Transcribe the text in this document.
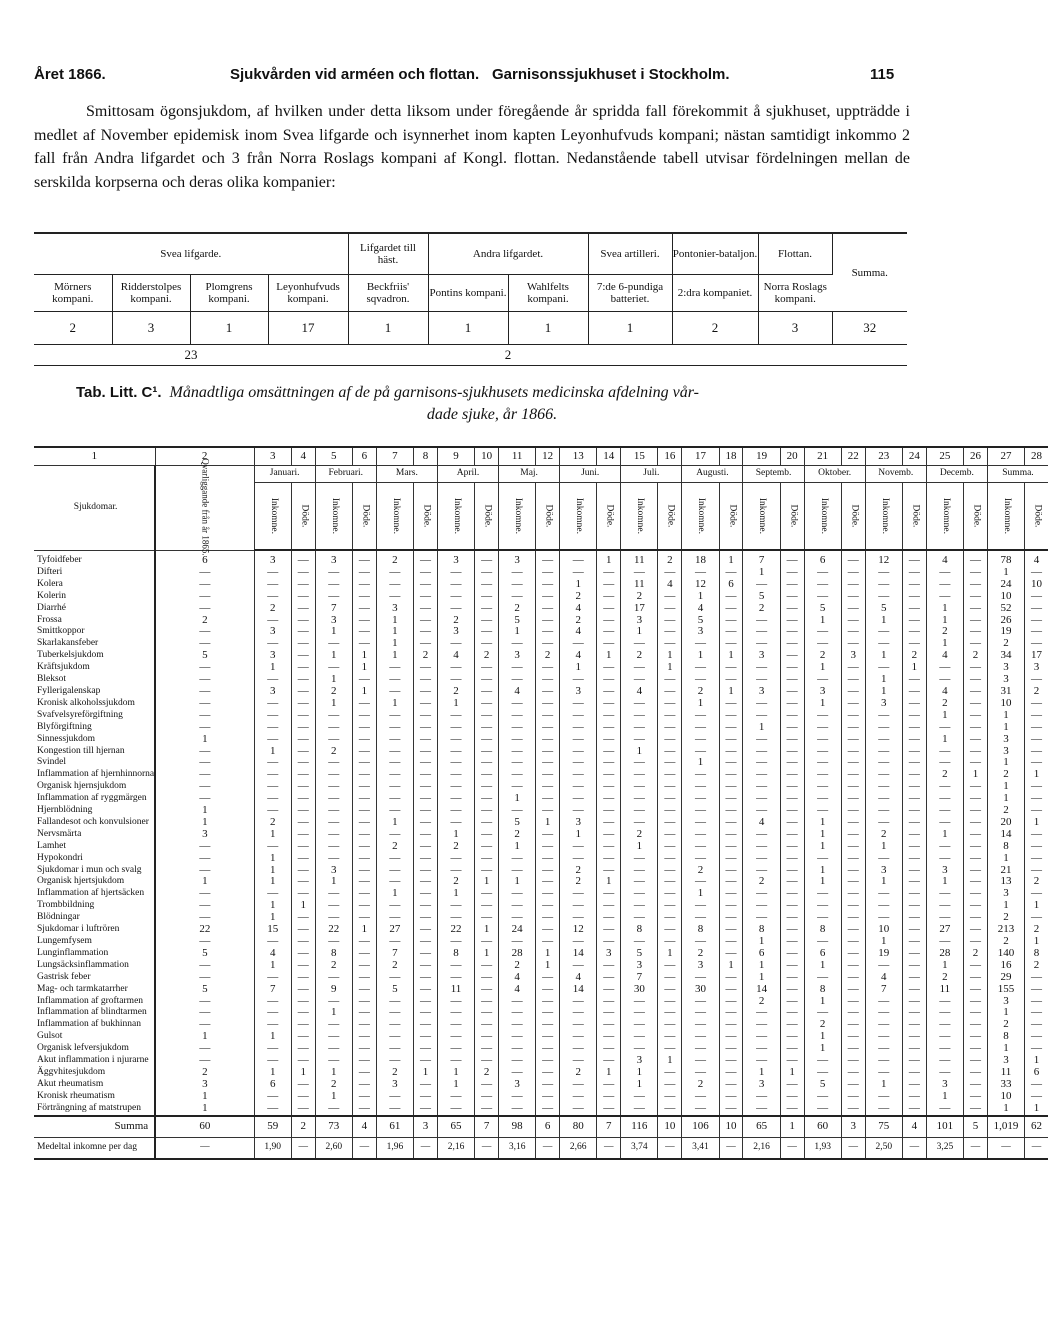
Året 1866.	Sjukvården vid arméen och flottan. Garnisonssjukhuset i Stockholm.	115

Smittosam ögonsjukdom, af hvilken under detta liksom under föregående år spridda fall förekommit å sjukhuset, uppträdde i medlet af November epidemisk inom Svea lifgarde och isynnerhet inom kapten Leyonhufvuds kompani; nästan samtidigt inkommo 2 fall från Andra lifgardet och 3 från Norra Roslags kompani af Kongl. flottan. Nedanstående tabell utvisar fördelningen mellan de serskilda korpserna och deras olika kompanier:

Svea lifgarde.				Lifgardet till häst.	Andra lifgardet.		Svea artilleri.	Pontonier-bataljon.	Flottan.	Summa.
Mörners kompani.	Ridderstolpes kompani.	Plomgrens kompani.	Leyonhufvuds kompani.	Beckfriis' sqvadron.	Pontins kompani.	Wahlfelts kompani.	7:de 6-pundiga batteriet.	2:dra kompaniet.	Norra Roslags kompani.	
2	3	1	17	1	1	1	1	2	3	32
23					2					
Tab. Litt. C¹. Månadtliga omsättningen af de på garnisons-sjukhusets medicinska afdelning vår-
dade sjuke, år 1866.
1	2	3	4	5	6	7	8	9	10	11	12	13	14	15	16	17	18	19	20	21	22	23	24	25	26	27	28
Sjukdomar.	Qvarliggande från år 1865.	Januari.		Februari.		Mars.		April.		Maj.		Juni.		Juli.		Augusti.		Septemb.		Oktober.		Novemb.		Decemb.		Summa.	
		Inkomne.	Döde.	Inkomne.	Döde.	Inkomne.	Döde.	Inkomne.	Döde.	Inkomne.	Döde.	Inkomne.	Döde.	Inkomne.	Döde.	Inkomne.	Döde.	Inkomne.	Döde.	Inkomne.	Döde.	Inkomne.	Döde.	Inkomne.	Döde.	Inkomne.	Döde.
Tyfoidfeber	6	3	—	3	—	2	—	3	—	3	—	—	1	11	2	18	1	7	—	6	—	12	—	4	—	78	4
Difteri	—	—	—	—	—	—	—	—	—	—	—	—	—	—	—	—	—	1	—	—	—	—	—	—	—	1	—
Kolera	—	—	—	—	—	—	—	—	—	—	—	1	—	11	4	12	6	—	—	—	—	—	—	—	—	24	10
Kolerin	—	—	—	—	—	—	—	—	—	—	—	2	—	2	—	1	—	5	—	—	—	—	—	—	—	10	—
Diarrhé	—	2	—	7	—	3	—	—	—	2	—	4	—	17	—	4	—	2	—	5	—	5	—	1	—	52	—
Frossa	2	—	—	3	—	1	—	2	—	5	—	2	—	3	—	5	—	—	—	1	—	1	—	1	—	26	—
Smittkoppor	—	3	—	1	—	1	—	3	—	1	—	4	—	1	—	3	—	—	—	—	—	—	—	2	—	19	—
Skarlakansfeber	—	—	—	—	—	1	—	—	—	—	—	—	—	—	—	—	—	—	—	—	—	—	—	1	—	2	—
Tuberkelsjukdom	5	3	—	1	1	1	2	4	2	3	2	4	1	2	1	1	1	3	—	2	3	1	2	4	2	34	17
Kräftsjukdom	—	1	—	—	1	—	—	—	—	—	—	1	—	—	1	—	—	—	—	1	—	—	1	—	—	3	3
Bleksot	—	—	—	1	—	—	—	—	—	—	—	—	—	—	—	—	—	—	—	—	—	1	—	—	—	3	—
Fyllerigalenskap	—	3	—	2	1	—	—	2	—	4	—	3	—	4	—	2	1	3	—	3	—	1	—	4	—	31	2
Kronisk alkoholssjukdom	—	—	—	1	—	1	—	1	—	—	—	—	—	—	—	1	—	—	—	1	—	3	—	2	—	10	—
Svafvelsyreförgiftning	—	—	—	—	—	—	—	—	—	—	—	—	—	—	—	—	—	—	—	—	—	—	—	1	—	1	—
Blyförgiftning	—	—	—	—	—	—	—	—	—	—	—	—	—	—	—	—	—	1	—	—	—	—	—	—	—	1	—
Sinnessjukdom	1	—	—	—	—	—	—	—	—	—	—	—	—	—	—	—	—	—	—	—	—	—	—	1	—	3	—
Kongestion till hjernan	—	1	—	2	—	—	—	—	—	—	—	—	—	1	—	—	—	—	—	—	—	—	—	—	—	3	—
Svindel	—	—	—	—	—	—	—	—	—	—	—	—	—	—	—	1	—	—	—	—	—	—	—	—	—	1	—
Inflammation af hjernhinnorna	—	—	—	—	—	—	—	—	—	—	—	—	—	—	—	—	—	—	—	—	—	—	—	2	1	2	1
Organisk hjernsjukdom	—	—	—	—	—	—	—	—	—	—	—	—	—	—	—	—	—	—	—	—	—	—	—	—	—	1	—
Inflammation af ryggmärgen	—	—	—	—	—	—	—	—	—	1	—	—	—	—	—	—	—	—	—	—	—	—	—	—	—	1	—
Hjernblödning	1	—	—	—	—	—	—	—	—	—	—	—	—	—	—	—	—	—	—	—	—	—	—	—	—	2	—
Fallandesot och konvulsioner	1	2	—	—	—	1	—	—	—	5	1	3	—	—	—	—	—	4	—	1	—	—	—	—	—	20	1
Nervsmärta	3	1	—	—	—	—	—	1	—	2	—	1	—	2	—	—	—	—	—	1	—	2	—	1	—	14	—
Lamhet	—	—	—	—	—	2	—	2	—	1	—	—	—	1	—	—	—	—	—	1	—	1	—	—	—	8	—
Hypokondri	—	1	—	—	—	—	—	—	—	—	—	—	—	—	—	—	—	—	—	—	—	—	—	—	—	1	—
Sjukdomar i mun och svalg	—	1	—	3	—	—	—	—	—	—	—	2	—	—	—	2	—	—	—	1	—	3	—	3	—	21	—
Organisk hjertsjukdom	1	1	—	1	—	—	—	2	1	1	—	2	1	—	—	—	—	2	—	1	—	1	—	1	—	13	2
Inflammation af hjertsäcken	—	—	—	—	—	1	—	1	—	—	—	—	—	—	—	1	—	—	—	—	—	—	—	—	—	3	—
Trombbildning	—	1	1	—	—	—	—	—	—	—	—	—	—	—	—	—	—	—	—	—	—	—	—	—	—	1	1
Blödningar	—	1	—	—	—	—	—	—	—	—	—	—	—	—	—	—	—	—	—	—	—	—	—	—	—	2	—
Sjukdomar i luftrören	22	15	—	22	1	27	—	22	1	24	—	12	—	8	—	8	—	8	—	8	—	10	—	27	—	213	2
Lungemfysem	—	—	—	—	—	—	—	—	—	—	—	—	—	—	—	—	—	1	—	—	—	1	—	—	—	2	1
Lunginflammation	5	4	—	8	—	7	—	8	1	28	1	14	3	5	1	2	—	6	—	6	—	19	—	28	2	140	8
Lungsäcksinflammation	—	1	—	2	—	2	—	—	—	2	1	—	—	3	—	3	1	1	—	1	—	—	—	1	—	16	2
Gastrisk feber	—	—	—	—	—	—	—	—	—	4	—	4	—	7	—	—	—	1	—	—	—	4	—	2	—	29	—
Mag- och tarmkatarrher	5	7	—	9	—	5	—	11	—	4	—	14	—	30	—	30	—	14	—	8	—	7	—	11	—	155	—
Inflammation af groftarmen	—	—	—	—	—	—	—	—	—	—	—	—	—	—	—	—	—	2	—	1	—	—	—	—	—	3	—
Inflammation af blindtarmen	—	—	—	1	—	—	—	—	—	—	—	—	—	—	—	—	—	—	—	—	—	—	—	—	—	1	—
Inflammation af bukhinnan	—	—	—	—	—	—	—	—	—	—	—	—	—	—	—	—	—	—	—	2	—	—	—	—	—	2	—
Gulsot	1	1	—	—	—	—	—	—	—	—	—	—	—	—	—	—	—	—	—	1	—	—	—	—	—	8	—
Organisk lefversjukdom	—	—	—	—	—	—	—	—	—	—	—	—	—	—	—	—	—	—	—	1	—	—	—	—	—	1	—
Akut inflammation i njurarne	—	—	—	—	—	—	—	—	—	—	—	—	—	3	1	—	—	—	—	—	—	—	—	—	—	3	1
Äggvhitesjukdom	2	1	1	1	—	2	1	1	2	—	—	2	1	1	—	—	—	1	1	—	—	—	—	—	—	11	6
Akut rheumatism	3	6	—	2	—	3	—	1	—	3	—	—	—	1	—	2	—	3	—	5	—	1	—	3	—	33	—
Kronisk rheumatism	1	—	—	1	—	—	—	—	—	—	—	—	—	—	—	—	—	—	—	—	—	—	—	1	—	10	—
Förträngning af matstrupen	1	—	—	—	—	—	—	—	—	—	—	—	—	—	—	—	—	—	—	—	—	—	—	—	—	1	1
Summa	60	59	2	73	4	61	3	65	7	98	6	80	7	116	10	106	10	65	1	60	3	75	4	101	5	1,019	62
Medeltal inkomne per dag	—	1,90	—	2,60	—	1,96	—	2,16	—	3,16	—	2,66	—	3,74	—	3,41	—	2,16	—	1,93	—	2,50	—	3,25	—	—	—
